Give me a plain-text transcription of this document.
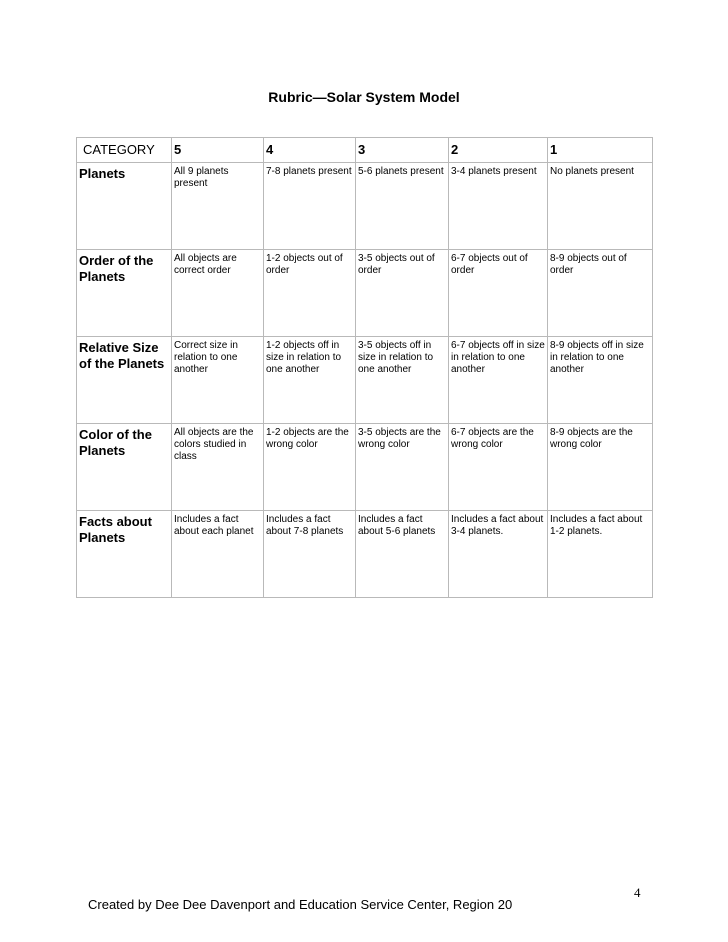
Rubric—Solar System Model
CATEGORY	5	4	3	2	1
Planets	All 9 planets present	7-8 planets present	5-6 planets present	3-4 planets present	No planets present
Order of the Planets	All objects are correct order	1-2 objects out of order	3-5 objects out of order	6-7 objects out of order	8-9 objects out of order
Relative Size of the Planets	Correct size in relation to one another	1-2 objects off in size in relation to one another	3-5 objects off in size in relation to one another	6-7 objects off in size in relation to one another	8-9 objects off in size in relation to one another
Color of the Planets	All objects are the colors studied in class	1-2 objects are the wrong color	3-5 objects are the wrong color	6-7 objects are the wrong color	8-9 objects are the wrong color
Facts about Planets	Includes a fact about each planet	Includes a fact about 7-8 planets	Includes a fact about 5-6 planets	Includes a fact about 3-4 planets.	Includes a fact about 1-2 planets.
4
Created by Dee Dee Davenport and Education Service Center, Region 20
